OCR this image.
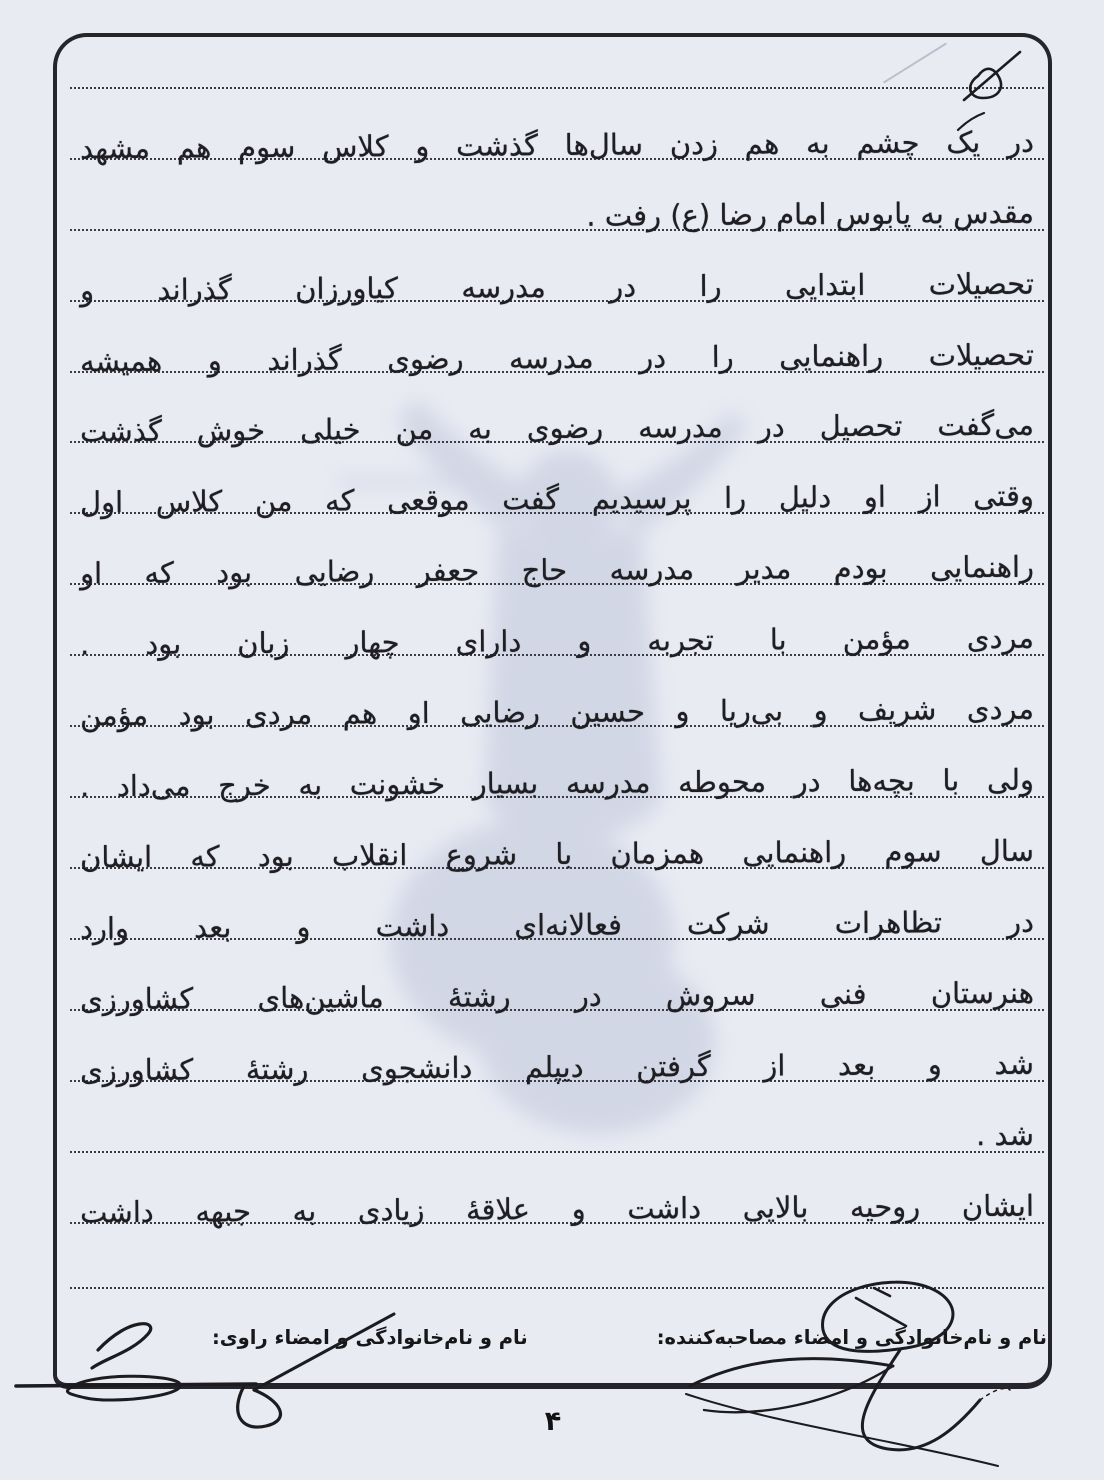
در یک چشم به هم زدن سال‌ها گذشت و کلاس سوم هم مشهد
مقدس به پابوس امام رضا (ع) رفت .
تحصیلات ابتدایی را در مدرسه کیاورزان گذراند و
تحصیلات راهنمایی را در مدرسه رضوی گذراند و همیشه
می‌گفت تحصیل در مدرسه رضوی به من خیلی خوش گذشت
وقتی از او دلیل را پرسیدیم گفت موقعی که من کلاس اول
راهنمایی بودم مدیر مدرسه حاج جعفر رضایی بود که او
مردی مؤمن با تجربه و دارای چهار زبان بود .
مردی شریف و بی‌ریا و حسین رضایی او هم مردی بود مؤمن
ولی با بچه‌ها در محوطه مدرسه بسیار خشونت به خرج می‌داد .
سال سوم راهنمایی همزمان با شروع انقلاب بود که ایشان
در تظاهرات شرکت فعالانه‌ای داشت و بعد وارد
هنرستان فنی سروش در رشتهٔ ماشین‌های کشاورزی
شد و بعد از گرفتن دیپلم دانشجوی رشتهٔ کشاورزی
شد .
ایشان روحیه بالایی داشت و علاقهٔ زیادی به جبهه داشت
نام و نام‌خانوادگی و امضاء مصاحبه‌کننده:
نام و نام‌خانوادگی و امضاء راوی:
۴
